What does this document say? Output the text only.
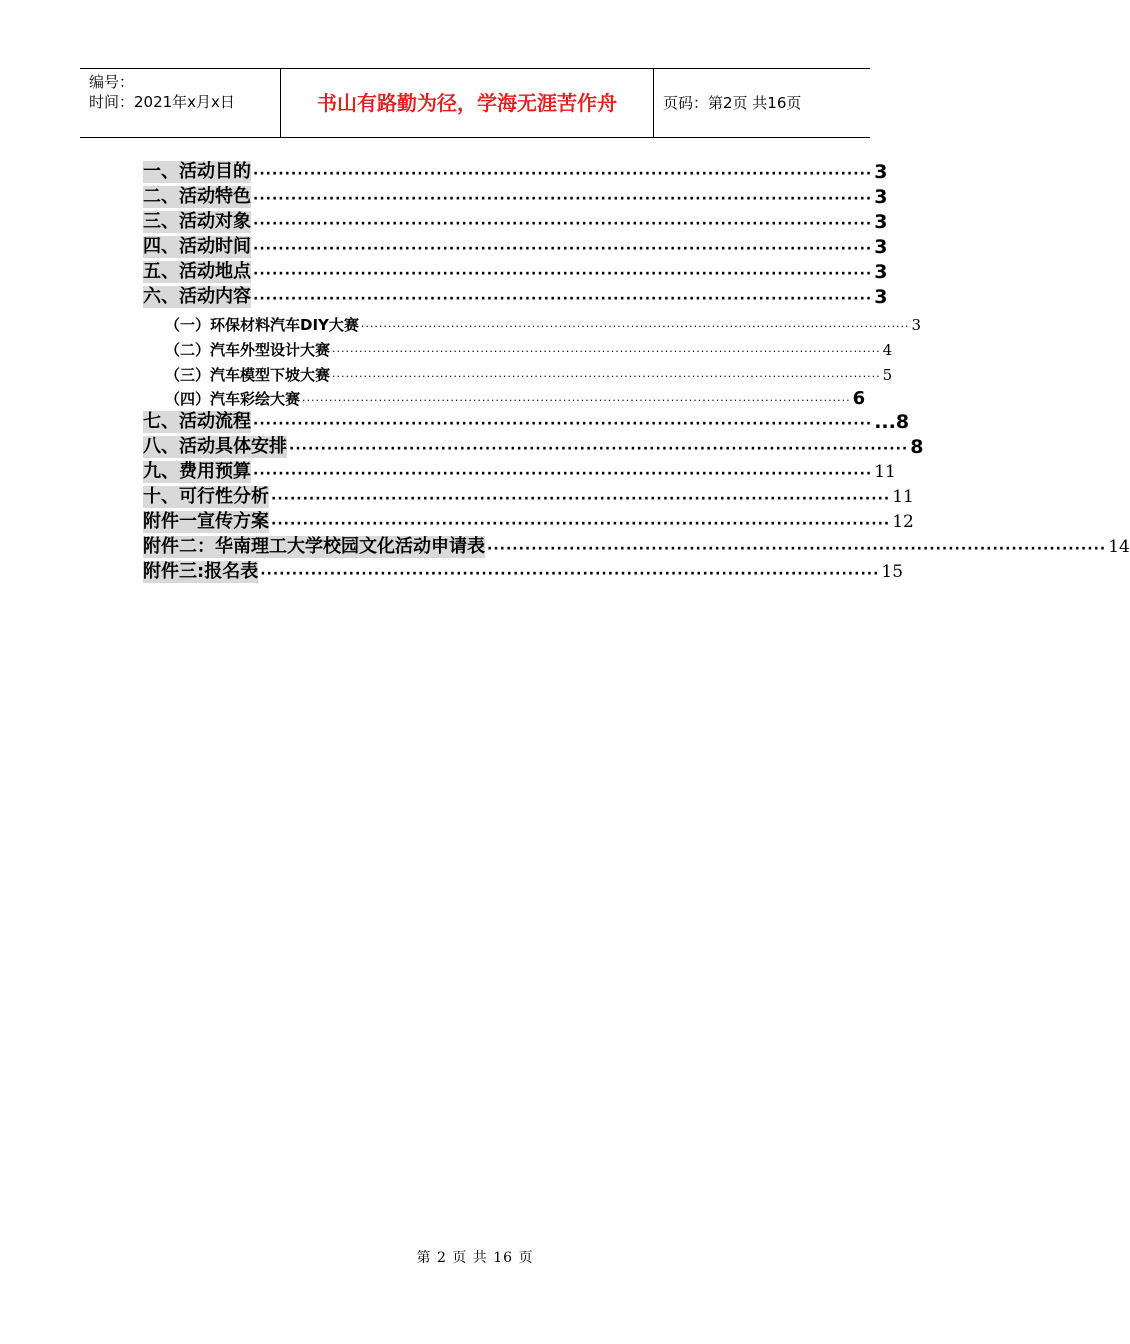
编号：
时间：2021年x月x日	书山有路勤为径，学海无涯苦作舟	页码：第2页 共16页
一、活动目的 ·································································································· 3
二、活动特色 ·································································································· 3
三、活动对象 ·································································································· 3
四、活动时间 ·································································································· 3
五、活动地点 ·································································································· 3
六、活动内容 ·································································································· 3
（一）环保材料汽车DIY大赛 ·························································································································· 3
（二）汽车外型设计大赛 ·························································································································· 4
（三）汽车模型下坡大赛 ·························································································································· 5
（四）汽车彩绘大赛 ·························································································································· 6
七、活动流程 ·································································································· ...8
八、活动具体安排 ·································································································· 8
九、费用预算 ·································································································· 11
十、可行性分析 ·································································································· 11
附件一宣传方案 ·································································································· 12
附件二：华南理工大学校园文化活动申请表 ·································································································· 14
附件三:报名表 ·································································································· 15
第 2 页 共 16 页
